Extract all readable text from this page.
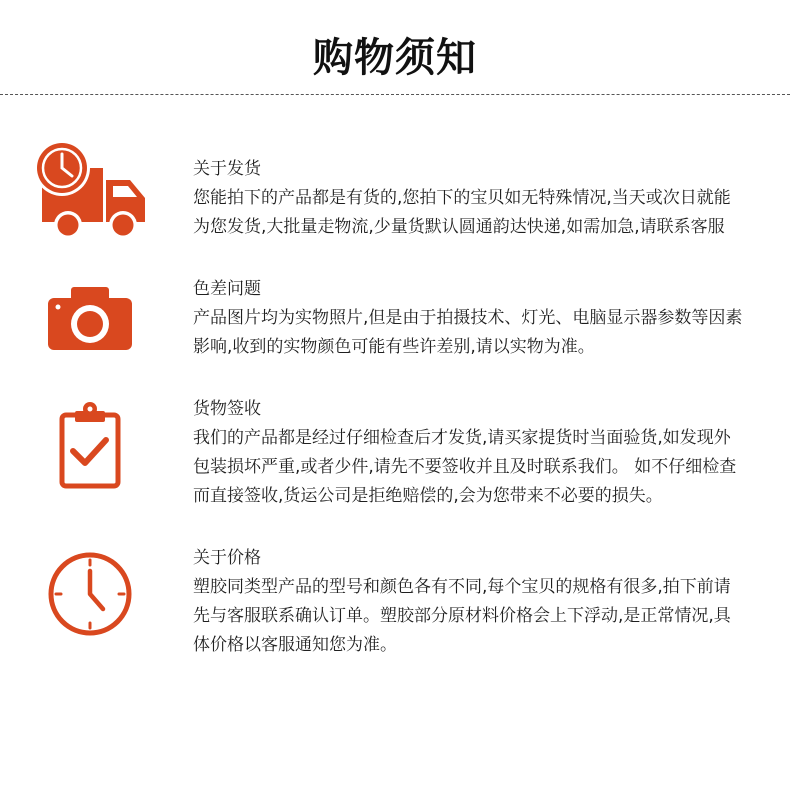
购物须知
关于发货
您能拍下的产品都是有货的,您拍下的宝贝如无特殊情况,当天或次日就能
为您发货,大批量走物流,少量货默认圆通韵达快递,如需加急,请联系客服
色差问题
产品图片均为实物照片,但是由于拍摄技术、灯光、电脑显示器参数等因素
影响,收到的实物颜色可能有些许差别,请以实物为准。
货物签收
我们的产品都是经过仔细检查后才发货,请买家提货时当面验货,如发现外
包装损坏严重,或者少件,请先不要签收并且及时联系我们。 如不仔细检查
而直接签收,货运公司是拒绝赔偿的,会为您带来不必要的损失。
关于价格
塑胶同类型产品的型号和颜色各有不同,每个宝贝的规格有很多,拍下前请
先与客服联系确认订单。塑胶部分原材料价格会上下浮动,是正常情况,具
体价格以客服通知您为准。
